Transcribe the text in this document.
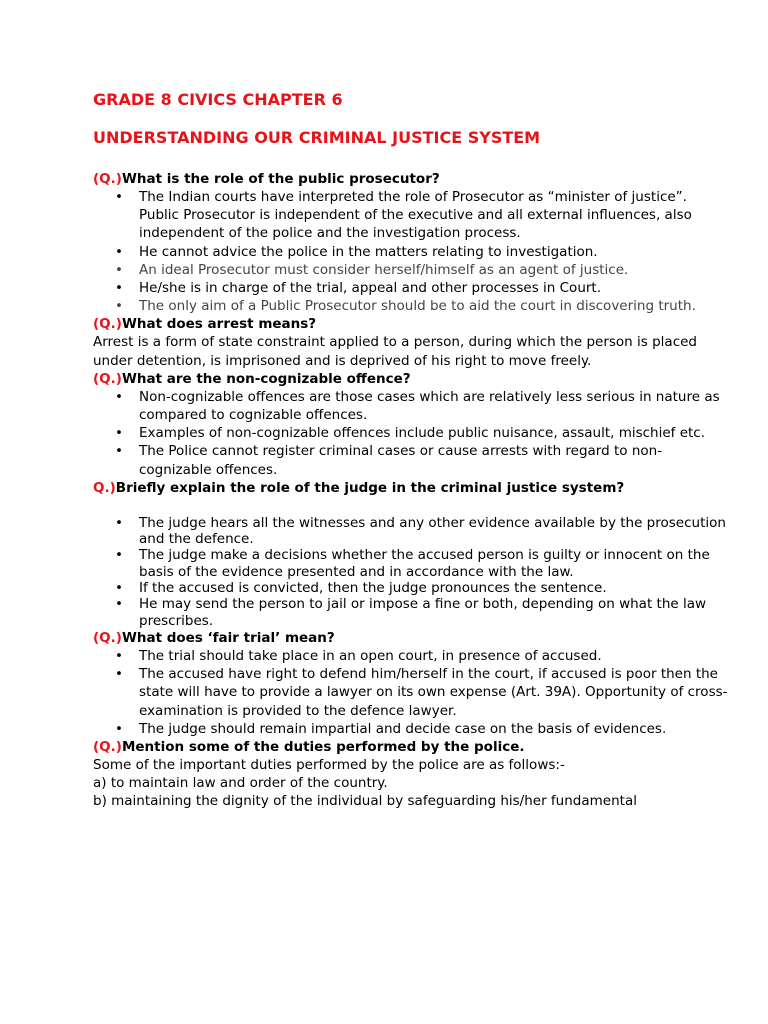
GRADE 8 CIVICS CHAPTER 6
UNDERSTANDING OUR CRIMINAL JUSTICE SYSTEM

(Q.)What is the role of the public prosecutor?

• The Indian courts have interpreted the role of Prosecutor as “minister of justice”. Public Prosecutor is independent of the executive and all external influences, also independent of the police and the investigation process.
• He cannot advice the police in the matters relating to investigation.
• An ideal Prosecutor must consider herself/himself as an agent of justice.
• He/she is in charge of the trial, appeal and other processes in Court.
• The only aim of a Public Prosecutor should be to aid the court in discovering truth.

(Q.)What does arrest means?

Arrest is a form of state constraint applied to a person, during which the person is placed under detention, is imprisoned and is deprived of his right to move freely.

(Q.)What are the non-cognizable offence?

• Non-cognizable offences are those cases which are relatively less serious in nature as compared to cognizable offences.
• Examples of non-cognizable offences include public nuisance, assault, mischief etc.
• The Police cannot register criminal cases or cause arrests with regard to non-cognizable offences.

Q.)Briefly explain the role of the judge in the criminal justice system?

• The judge hears all the witnesses and any other evidence available by the prosecution and the defence.
• The judge make a decisions whether the accused person is guilty or innocent on the basis of the evidence presented and in accordance with the law.
• If the accused is convicted, then the judge pronounces the sentence.
• He may send the person to jail or impose a fine or both, depending on what the law prescribes.

(Q.)What does ‘fair trial’ mean?

• The trial should take place in an open court, in presence of accused.
• The accused have right to defend him/herself in the court, if accused is poor then the state will have to provide a lawyer on its own expense (Art. 39A). Opportunity of cross-examination is provided to the defence lawyer.
• The judge should remain impartial and decide case on the basis of evidences.

(Q.)Mention some of the duties performed by the police.

Some of the important duties performed by the police are as follows:-

a) to maintain law and order of the country.

b) maintaining the dignity of the individual by safeguarding his/her fundamental
